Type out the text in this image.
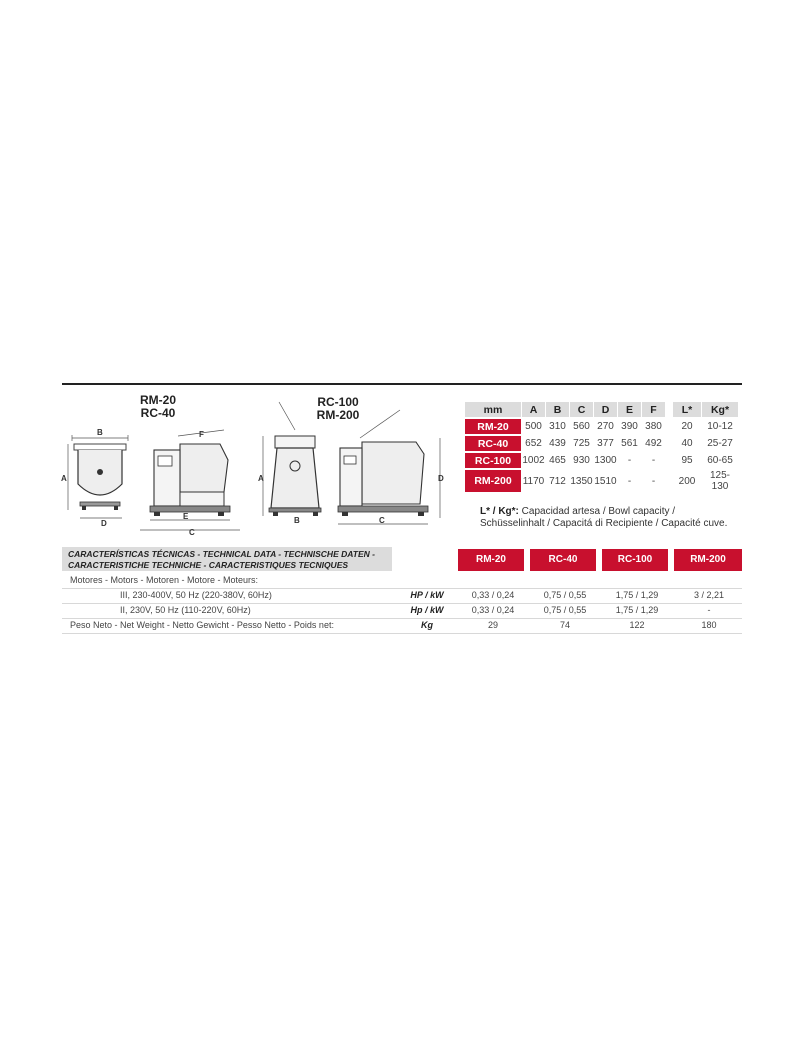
RM-20
RC-40
RC-100
RM-200
B
A
D
F
E
C
A
B
D
C
mm	A	B	C	D	E	F		L*	Kg*
RM-20	500	310	560	270	390	380		20	10-12
RC-40	652	439	725	377	561	492		40	25-27
RC-100	1002	465	930	1300	-	-		95	60-65
RM-200	1170	712	1350	1510	-	-		200	125-130
L* / Kg*: Capacidad artesa / Bowl capacity /
Schüsselinhalt / Capacitá di Recipiente / Capacité cuve.
CARACTERÍSTICAS TÉCNICAS - TECHNICAL DATA - TECHNISCHE DATEN -
CARACTERISTICHE TECHNICHE - CARACTERISTIQUES TECNIQUES	RM-20	RC-40	RC-100	RM-200
Motores - Motors - Motoren - Motore - Moteurs:
III, 230-400V, 50 Hz (220-380V, 60Hz)	HP / kW	0,33 / 0,24	0,75 / 0,55	1,75 / 1,29	3 / 2,21
II, 230V, 50 Hz (110-220V, 60Hz)	Hp / kW	0,33 / 0,24	0,75 / 0,55	1,75 / 1,29	-
Peso Neto - Net Weight - Netto Gewicht - Pesso Netto - Poids net:	Kg	29	74	122	180
